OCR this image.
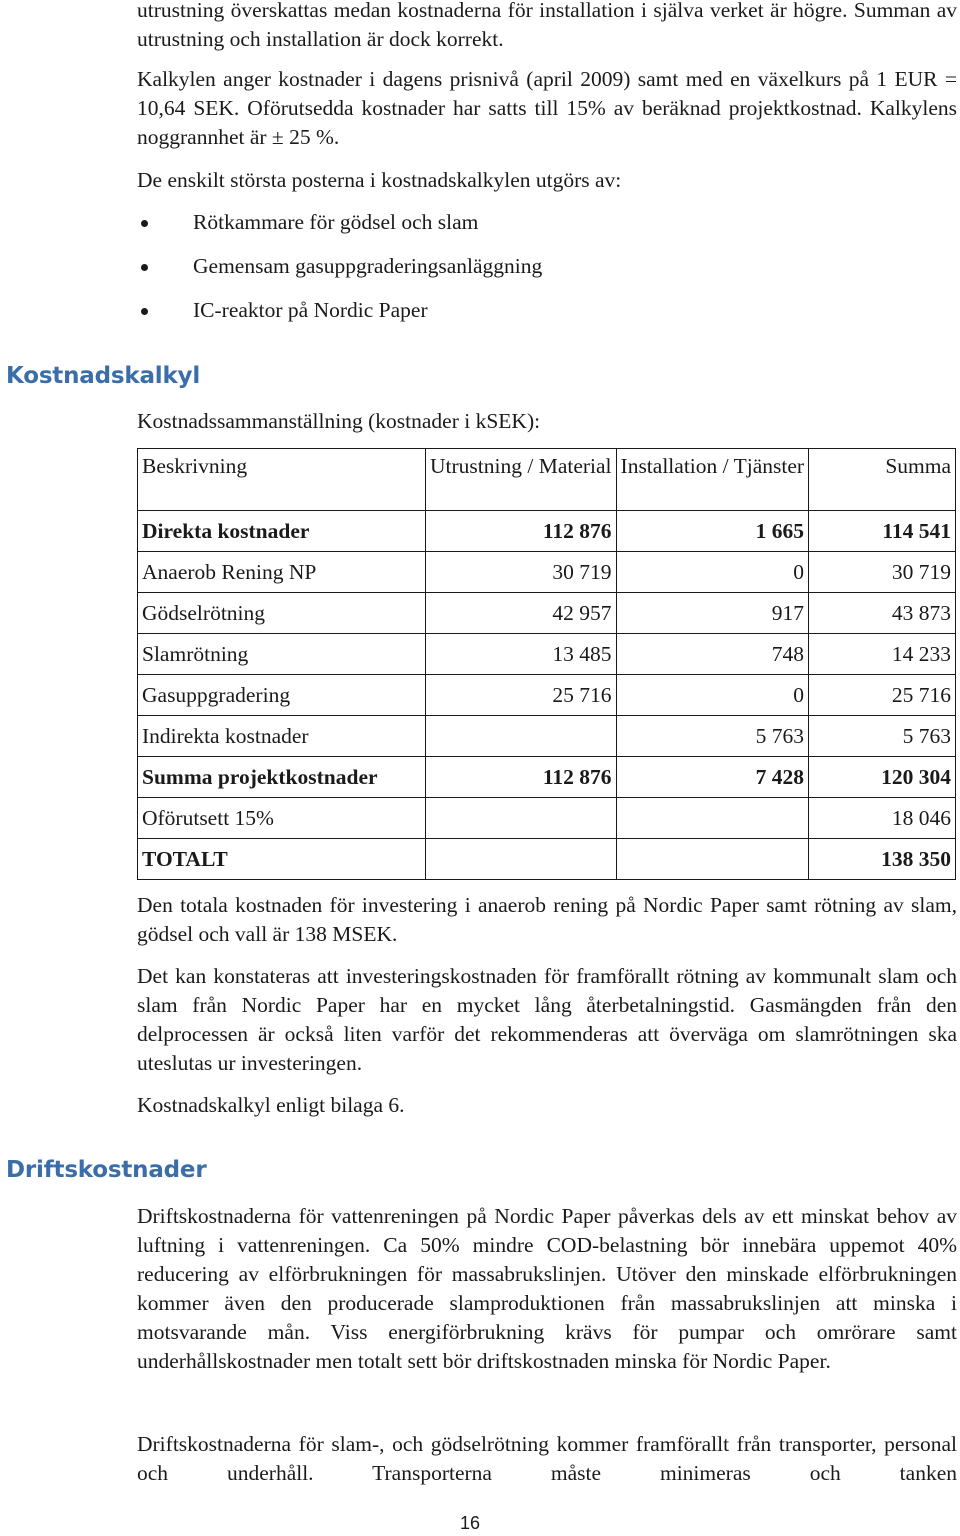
utrustning överskattas medan kostnaderna för installation i själva verket är högre. Summan av utrustning och installation är dock korrekt.
Kalkylen anger kostnader i dagens prisnivå (april 2009) samt med en växelkurs på 1 EUR = 10,64 SEK. Oförutsedda kostnader har satts till 15% av beräknad projektkostnad. Kalkylens noggrannhet är ± 25 %.
De enskilt största posterna i kostnadskalkylen utgörs av:
Rötkammare för gödsel och slam
Gemensam gasuppgraderingsanläggning
IC-reaktor på Nordic Paper
Kostnadskalkyl
Kostnadssammanställning (kostnader i kSEK):
Beskrivning	Utrustning / Material	Installation / Tjänster	Summa
Direkta kostnader	112 876	1 665	114 541
Anaerob Rening NP	30 719	0	30 719
Gödselrötning	42 957	917	43 873
Slamrötning	13 485	748	14 233
Gasuppgradering	25 716	0	25 716
Indirekta kostnader		5 763	5 763
Summa projektkostnader	112 876	7 428	120 304
Oförutsett 15%			18 046
TOTALT			138 350
Den totala kostnaden för investering i anaerob rening på Nordic Paper samt rötning av slam, gödsel och vall är 138 MSEK.
Det kan konstateras att investeringskostnaden för framförallt rötning av kommunalt slam och slam från Nordic Paper har en mycket lång återbetalningstid. Gasmängden från den delprocessen är också liten varför det rekommenderas att överväga om slamrötningen ska uteslutas ur investeringen.
Kostnadskalkyl enligt bilaga 6.
Driftskostnader
Driftskostnaderna för vattenreningen på Nordic Paper påverkas dels av ett minskat behov av luftning i vattenreningen. Ca 50% mindre COD-belastning bör innebära uppemot 40% reducering av elförbrukningen för massabrukslinjen. Utöver den minskade elförbrukningen kommer även den producerade slamproduktionen från massabrukslinjen att minska i motsvarande mån. Viss energiförbrukning krävs för pumpar och omrörare samt underhållskostnader men totalt sett bör driftskostnaden minska för Nordic Paper.
Driftskostnaderna för slam-, och gödselrötning kommer framförallt från transporter, personal och underhåll. Transporterna måste minimeras och tanken
16
